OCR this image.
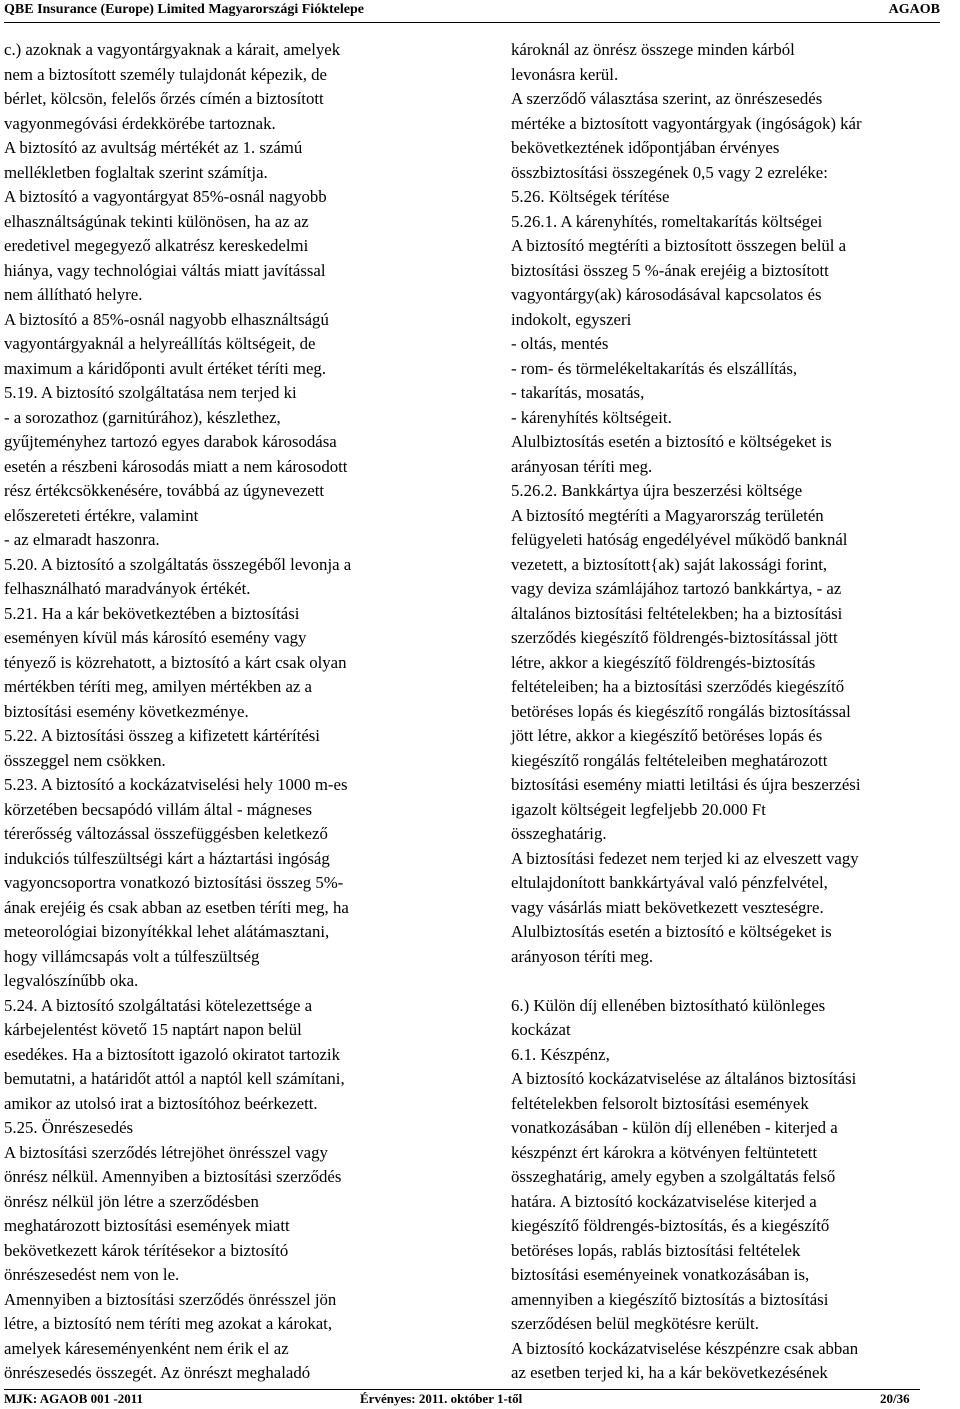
QBE Insurance (Europe) Limited Magyarországi Fióktelepe	AGAOB

c.) azoknak a vagyontárgyaknak a kárait, amelyek

nem a biztosított személy tulajdonát képezik, de

bérlet, kölcsön, felelős őrzés címén a biztosított

vagyonmegóvási érdekkörébe tartoznak.

A biztosító az avultság mértékét az 1. számú

mellékletben foglaltak szerint számítja.

A biztosító a vagyontárgyat 85%-osnál nagyobb

elhasználtságúnak tekinti különösen, ha az az

eredetivel megegyező alkatrész kereskedelmi

hiánya, vagy technológiai váltás miatt javítással

nem állítható helyre.

A biztosító a 85%-osnál nagyobb elhasználtságú

vagyontárgyaknál a helyreállítás költségeit, de

maximum a káridőponti avult értéket téríti meg.

5.19. A biztosító szolgáltatása nem terjed ki

- a sorozathoz (garnitúrához), készlethez,

gyűjteményhez tartozó egyes darabok károsodása

esetén a részbeni károsodás miatt a nem károsodott

rész értékcsökkenésére, továbbá az úgynevezett

előszereteti értékre, valamint

- az elmaradt haszonra.

5.20. A biztosító a szolgáltatás összegéből levonja a

felhasználható maradványok értékét.

5.21. Ha a kár bekövetkeztében a biztosítási

eseményen kívül más károsító esemény vagy

tényező is közrehatott, a biztosító a kárt csak olyan

mértékben téríti meg, amilyen mértékben az a

biztosítási esemény következménye.

5.22. A biztosítási összeg a kifizetett kártérítési

összeggel nem csökken.

5.23. A biztosító a kockázatviselési hely 1000 m-es

körzetében becsapódó villám által - mágneses

térerősség változással összefüggésben keletkező

indukciós túlfeszültségi kárt a háztartási ingóság

vagyoncsoportra vonatkozó biztosítási összeg 5%-

ának erejéig és csak abban az esetben téríti meg, ha

meteorológiai bizonyítékkal lehet alátámasztani,

hogy villámcsapás volt a túlfeszültség

legvalószínűbb oka.

5.24. A biztosító szolgáltatási kötelezettsége a

kárbejelentést követő 15 naptárt napon belül

esedékes. Ha a biztosított igazoló okiratot tartozik

bemutatni, a határidőt attól a naptól kell számítani,

amikor az utolsó irat a biztosítóhoz beérkezett.

5.25. Önrészesedés

A biztosítási szerződés létrejöhet önrésszel vagy

önrész nélkül. Amennyiben a biztosítási szerződés

önrész nélkül jön létre a szerződésben

meghatározott biztosítási események miatt

bekövetkezett károk térítésekor a biztosító

önrészesedést nem von le.

Amennyiben a biztosítási szerződés önrésszel jön

létre, a biztosító nem téríti meg azokat a károkat,

amelyek káreseményenként nem érik el az

önrészesedés összegét. Az önrészt meghaladó

károknál az önrész összege minden kárból

levonásra kerül.

A szerződő választása szerint, az önrészesedés

mértéke a biztosított vagyontárgyak (ingóságok) kár

bekövetkeztének időpontjában érvényes

összbiztosítási összegének 0,5 vagy 2 ezreléke:

5.26. Költségek térítése

5.26.1. A kárenyhítés, romeltakarítás költségei

A biztosító megtéríti a biztosított összegen belül a

biztosítási összeg 5 %-ának erejéig a biztosított

vagyontárgy(ak) károsodásával kapcsolatos és

indokolt, egyszeri

- oltás, mentés

- rom- és törmelékeltakarítás és elszállítás,

- takarítás, mosatás,

- kárenyhítés költségeit.

Alulbiztosítás esetén a biztosító e költségeket is

arányosan téríti meg.

5.26.2. Bankkártya újra beszerzési költsége

A biztosító megtéríti a Magyarország területén

felügyeleti hatóság engedélyével működő banknál

vezetett, a biztosított{ak) saját lakossági forint,

vagy deviza számlájához tartozó bankkártya, - az

általános biztosítási feltételekben; ha a biztosítási

szerződés kiegészítő földrengés-biztosítással jött

létre, akkor a kiegészítő földrengés-biztosítás

feltételeiben; ha a biztosítási szerződés kiegészítő

betöréses lopás és kiegészítő rongálás biztosítással

jött létre, akkor a kiegészítő betöréses lopás és

kiegészítő rongálás feltételeiben meghatározott

biztosítási esemény miatti letiltási és újra beszerzési

igazolt költségeit legfeljebb 20.000 Ft

összeghatárig.

A biztosítási fedezet nem terjed ki az elveszett vagy

eltulajdonított bankkártyával való pénzfelvétel,

vagy vásárlás miatt bekövetkezett veszteségre.

Alulbiztosítás esetén a biztosító e költségeket is

arányoson téríti meg.

6.) Külön díj ellenében biztosítható különleges

kockázat

6.1. Készpénz,

A biztosító kockázatviselése az általános biztosítási

feltételekben felsorolt biztosítási események

vonatkozásában - külön díj ellenében - kiterjed a

készpénzt ért károkra a kötvényen feltüntetett

összeghatárig, amely egyben a szolgáltatás felső

határa. A biztosító kockázatviselése kiterjed a

kiegészítő földrengés-biztosítás, és a kiegészítő

betöréses lopás, rablás biztosítási feltételek

biztosítási eseményeinek vonatkozásában is,

amennyiben a kiegészítő biztosítás a biztosítási

szerződésen belül megkötésre került.

A biztosító kockázatviselése készpénzre csak abban

az esetben terjed ki, ha a kár bekövetkezésének

MJK: AGAOB 001 -2011	Érvényes: 2011. október 1-től	20/36
